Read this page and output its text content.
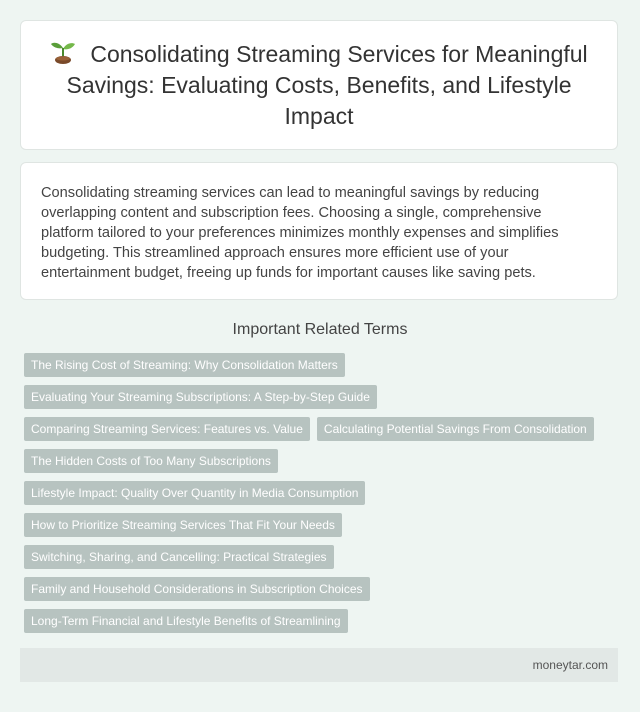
Consolidating Streaming Services for Meaningful Savings: Evaluating Costs, Benefits, and Lifestyle Impact

Consolidating streaming services can lead to meaningful savings by reducing overlapping content and subscription fees. Choosing a single, comprehensive platform tailored to your preferences minimizes monthly expenses and simplifies budgeting. This streamlined approach ensures more efficient use of your entertainment budget, freeing up funds for important causes like saving pets.

Important Related Terms
The Rising Cost of Streaming: Why Consolidation Matters
Evaluating Your Streaming Subscriptions: A Step-by-Step Guide
Comparing Streaming Services: Features vs. Value	Calculating Potential Savings From Consolidation
The Hidden Costs of Too Many Subscriptions
Lifestyle Impact: Quality Over Quantity in Media Consumption
How to Prioritize Streaming Services That Fit Your Needs
Switching, Sharing, and Cancelling: Practical Strategies
Family and Household Considerations in Subscription Choices
Long-Term Financial and Lifestyle Benefits of Streamlining
moneytar.com
